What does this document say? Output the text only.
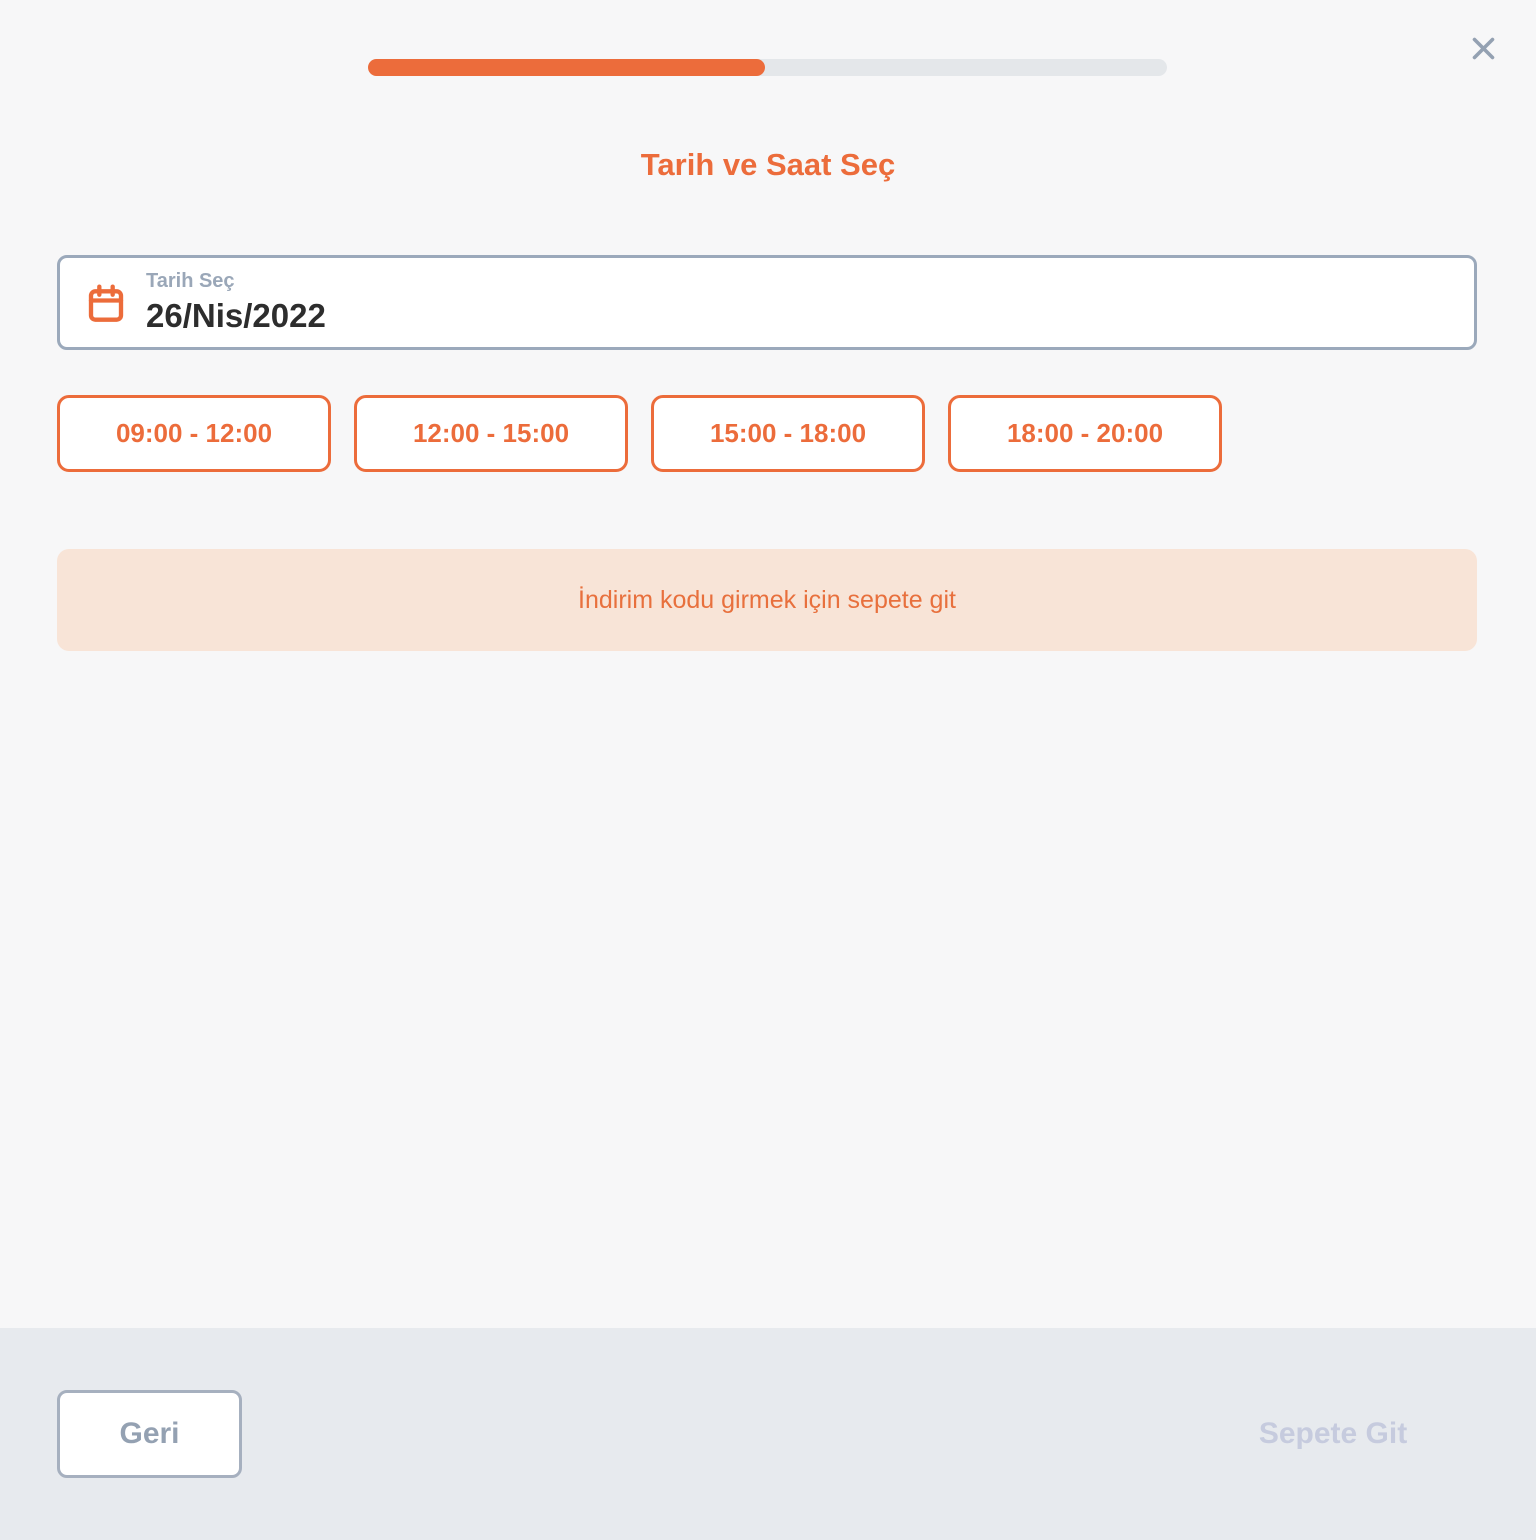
Tarih ve Saat Seç
Tarih Seç
26/Nis/2022
09:00 - 12:00	12:00 - 15:00	15:00 - 18:00	18:00 - 20:00
İndirim kodu girmek için sepete git
Geri	Sepete Git
